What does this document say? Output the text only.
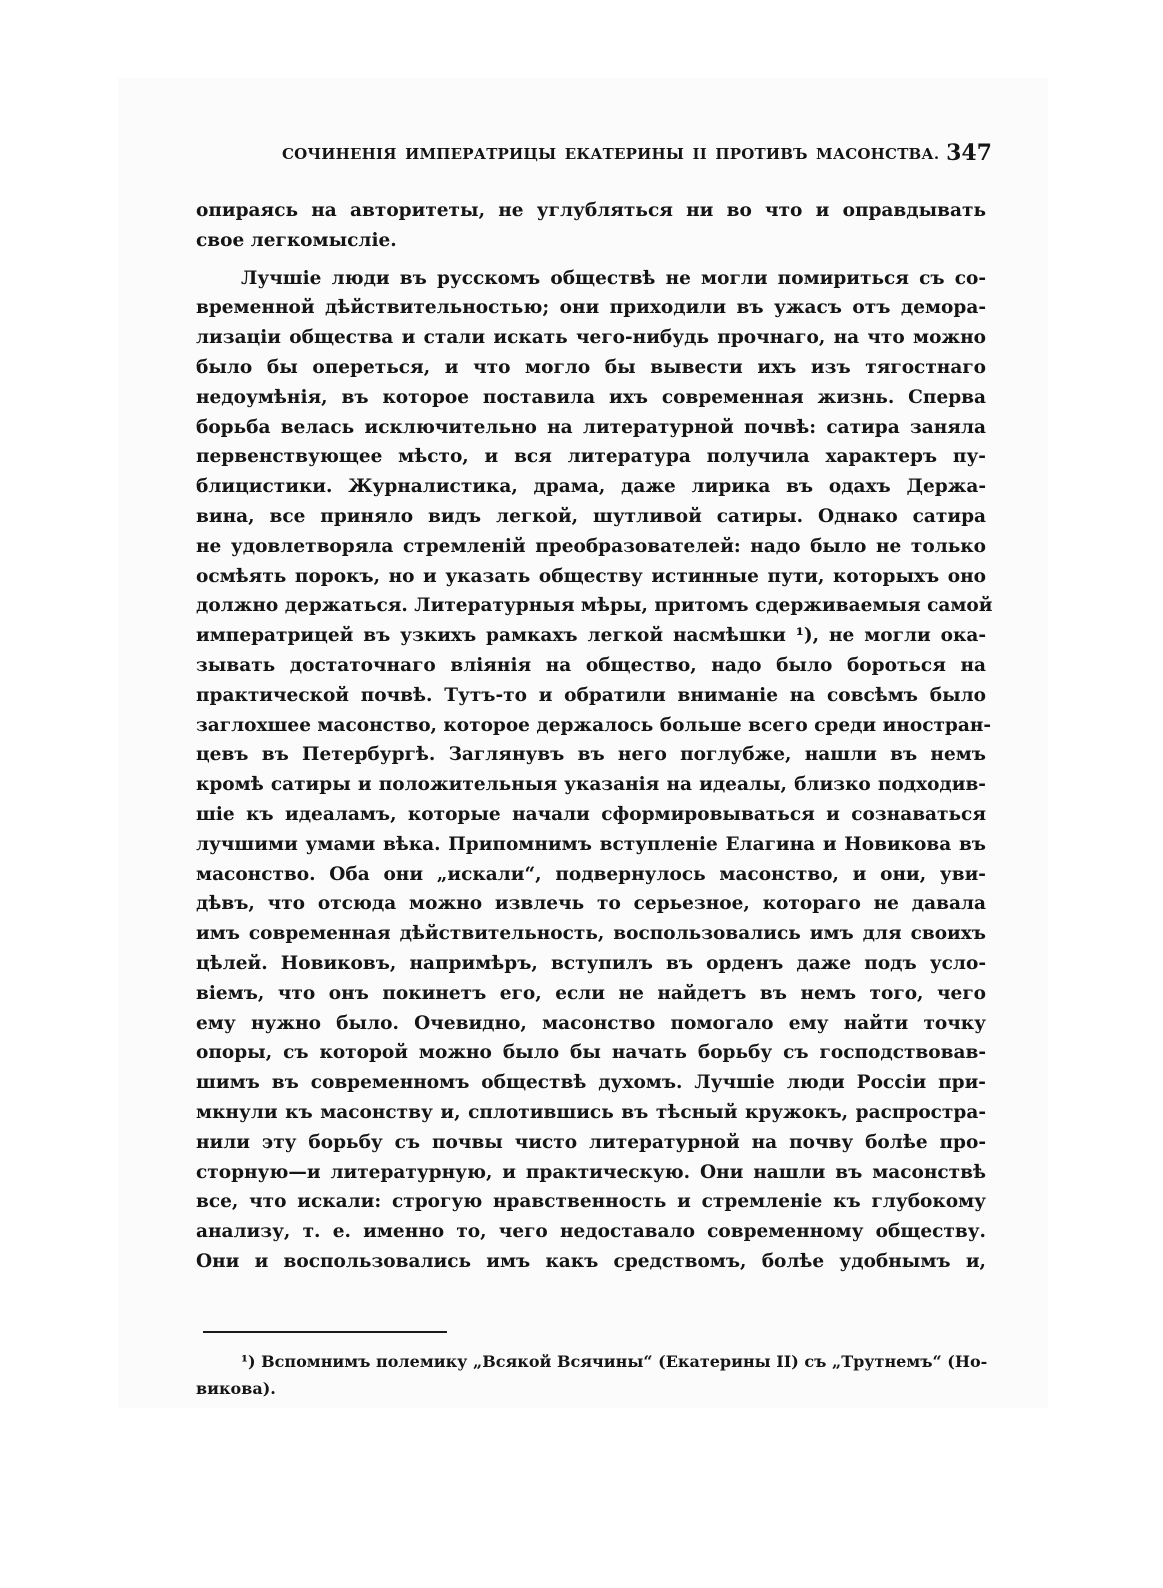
СОЧИНЕНІЯ ИМПЕРАТРИЦЫ ЕКАТЕРИНЫ II ПРОТИВЪ МАСОНСТВА. 347
опираясь на авторитеты, не углубляться ни во что и оправдывать
свое легкомысліе.
Лучшіе люди въ русскомъ обществѣ не могли помириться съ со-
временной дѣйствительностью; они приходили въ ужасъ отъ демора-
лизаціи общества и стали искать чего-нибудь прочнаго, на что можно
было бы опереться, и что могло бы вывести ихъ изъ тягостнаго
недоумѣнія, въ которое поставила ихъ современная жизнь. Сперва
борьба велась исключительно на литературной почвѣ: сатира заняла
первенствующее мѣсто, и вся литература получила характеръ пу-
блицистики. Журналистика, драма, даже лирика въ одахъ Держа-
вина, все приняло видъ легкой, шутливой сатиры. Однако сатира
не удовлетворяла стремленій преобразователей: надо было не только
осмѣять порокъ, но и указать обществу истинные пути, которыхъ оно
должно держаться. Литературныя мѣры, притомъ сдерживаемыя самой
императрицей въ узкихъ рамкахъ легкой насмѣшки ¹), не могли ока-
зывать достаточнаго вліянія на общество, надо было бороться на
практической почвѣ. Тутъ-то и обратили вниманіе на совсѣмъ было
заглохшее масонство, которое держалось больше всего среди иностран-
цевъ въ Петербургѣ. Заглянувъ въ него поглубже, нашли въ немъ
кромѣ сатиры и положительныя указанія на идеалы, близко подходив-
шіе къ идеаламъ, которые начали сформировываться и сознаваться
лучшими умами вѣка. Припомнимъ вступленіе Елагина и Новикова въ
масонство. Оба они „искали“, подвернулось масонство, и они, уви-
дѣвъ, что отсюда можно извлечь то серьезное, котораго не давала
имъ современная дѣйствительность, воспользовались имъ для своихъ
цѣлей. Новиковъ, напримѣръ, вступилъ въ орденъ даже подъ усло-
віемъ, что онъ покинетъ его, если не найдетъ въ немъ того, чего
ему нужно было. Очевидно, масонство помогало ему найти точку
опоры, съ которой можно было бы начать борьбу съ господствовав-
шимъ въ современномъ обществѣ духомъ. Лучшіе люди Россіи при-
мкнули къ масонству и, сплотившись въ тѣсный кружокъ, распростра-
нили эту борьбу съ почвы чисто литературной на почву болѣе про-
сторную—и литературную, и практическую. Они нашли въ масонствѣ
все, что искали: строгую нравственность и стремленіе къ глубокому
анализу, т. е. именно то, чего недоставало современному обществу.
Они и воспользовались имъ какъ средствомъ, болѣе удобнымъ и,
¹) Вспомнимъ полемику „Всякой Всячины“ (Екатерины II) съ „Трутнемъ“ (Но-
викова).
